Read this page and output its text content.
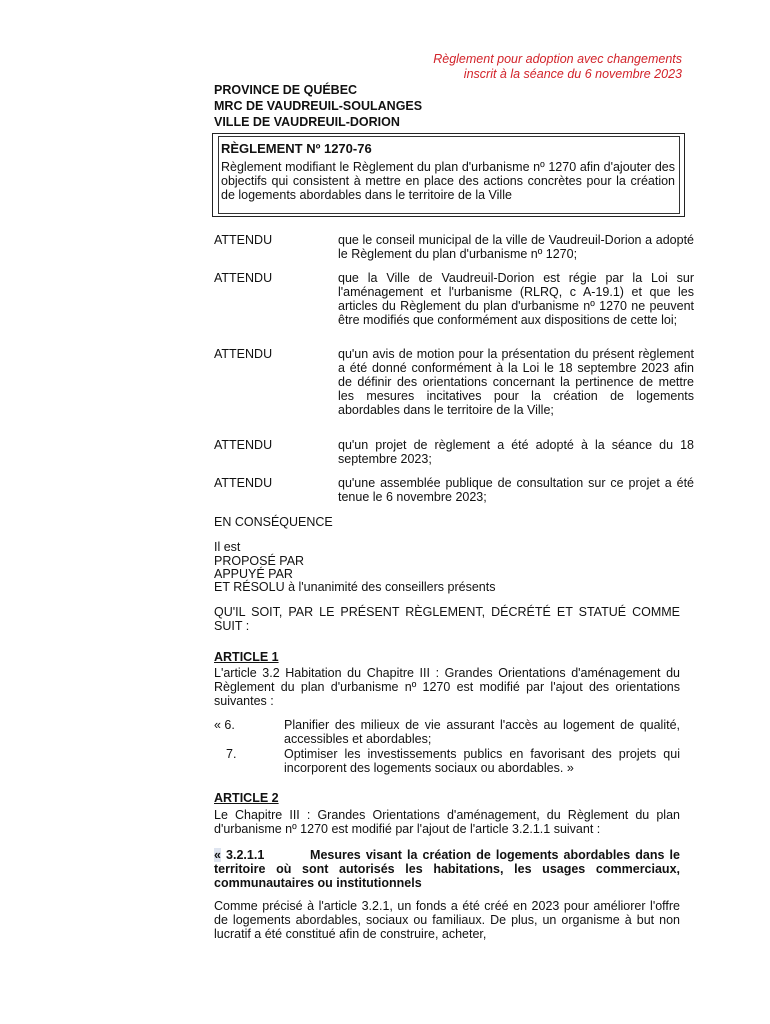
Règlement pour adoption avec changements
inscrit à la séance du 6 novembre 2023
PROVINCE DE QUÉBEC
MRC DE VAUDREUIL-SOULANGES
VILLE DE VAUDREUIL-DORION
RÈGLEMENT Nº 1270-76
Règlement modifiant le Règlement du plan d'urbanisme nº 1270 afin d'ajouter des objectifs qui consistent à mettre en place des actions concrètes pour la création de logements abordables dans le territoire de la Ville
ATTENDU	que le conseil municipal de la ville de Vaudreuil-Dorion a adopté le Règlement du plan d'urbanisme nº 1270;
ATTENDU	que la Ville de Vaudreuil-Dorion est régie par la Loi sur l'aménagement et l'urbanisme (RLRQ, c A-19.1) et que les articles du Règlement du plan d'urbanisme nº 1270 ne peuvent être modifiés que conformément aux dispositions de cette loi;
ATTENDU	qu'un avis de motion pour la présentation du présent règlement a été donné conformément à la Loi le 18 septembre 2023 afin de définir des orientations concernant la pertinence de mettre les mesures incitatives pour la création de logements abordables dans le territoire de la Ville;
ATTENDU	qu'un projet de règlement a été adopté à la séance du 18 septembre 2023;
ATTENDU	qu'une assemblée publique de consultation sur ce projet a été tenue le 6 novembre 2023;
EN CONSÉQUENCE
Il est
PROPOSÉ PAR
APPUYÉ PAR
ET RÉSOLU à l'unanimité des conseillers présents
QU'IL SOIT, PAR LE PRÉSENT RÈGLEMENT, DÉCRÉTÉ ET STATUÉ COMME SUIT :
ARTICLE 1
L'article 3.2 Habitation du Chapitre III : Grandes Orientations d'aménagement du Règlement du plan d'urbanisme nº 1270 est modifié par l'ajout des orientations suivantes :
« 6.	Planifier des milieux de vie assurant l'accès au logement de qualité, accessibles et abordables;
7.	Optimiser les investissements publics en favorisant des projets qui incorporent des logements sociaux ou abordables. »
ARTICLE 2
Le Chapitre III : Grandes Orientations d'aménagement, du Règlement du plan d'urbanisme nº 1270 est modifié par l'ajout de l'article 3.2.1.1 suivant :
« 3.2.1.1	Mesures visant la création de logements abordables dans le territoire où sont autorisés les habitations, les usages commerciaux, communautaires ou institutionnels
Comme précisé à l'article 3.2.1, un fonds a été créé en 2023 pour améliorer l'offre de logements abordables, sociaux ou familiaux. De plus, un organisme à but non lucratif a été constitué afin de construire, acheter,
